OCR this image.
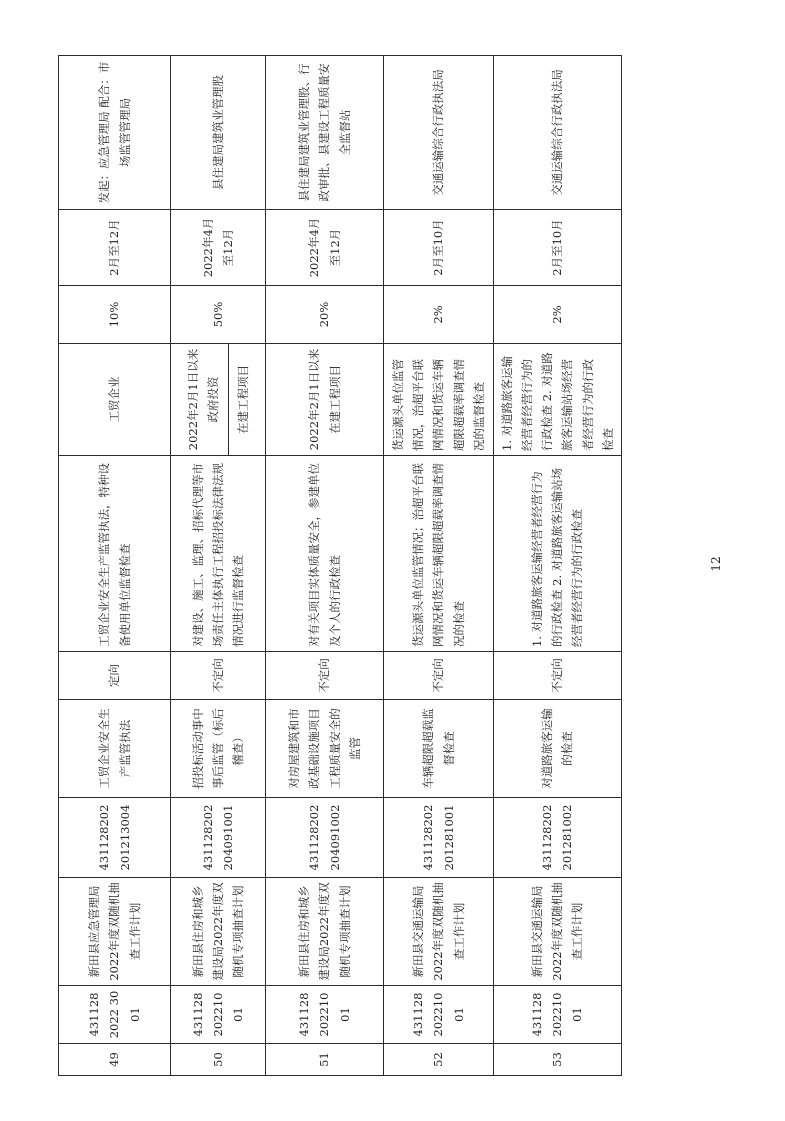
49	4311282022 3001	新田县应急管理局2022年度双随机抽查工作计划	431128202201213004	工贸企业安全生产监管执法	定向	工贸企业安全生产监管执法，特种设备使用单位监督检查	工贸企业	10%	2月至12月	发起：应急管理局 配合：市场监管管理局
50	43112820221001	新田县住房和城乡建设局2022年度双随机专项抽查计划	431128202204091001	招投标活动事中事后监管（标后稽查）	不定向	对建设、施工、监理、招标代理等市场责任主体执行工程招投标法律法规情况进行监督检查	2022年2月1日以来政府投资 在建工程项目	50%	2022年4月至12月	县住建局建筑业管理股
51	43112820221001	新田县住房和城乡建设局2022年度双随机专项抽查计划	431128202204091002	对房屋建筑和市政基础设施项目工程质量安全的监管	不定向	对有关项目实体质量安全，参建单位及个人的行政检查	2022年2月1日以来在建工程项目	20%	2022年4月至12月	县住建局建筑业管理股、行政审批、县建设工程质量安全监督站
52	43112820221001	新田县交通运输局2022年度双随机抽查工作计划	431128202201281001	车辆超限超载监督检查	不定向	货运源头单位监管情况；治超平台联网情况和货运车辆超限超载率调查情况的检查	货运源头单位监管情况，治超平台联网情况和货运车辆超限超载率调查情况的监督检查	2%	2月至10月	交通运输综合行政执法局
53	43112820221001	新田县交通运输局2022年度双随机抽查工作计划	431128202201281002	对道路旅客运输的检查	不定向	1. 对道路旅客运输经营者经营行为的行政检查 2. 对道路旅客运输站场经营者经营行为的行政检查	1. 对道路旅客运输经营者经营行为的行政检查 2. 对道路旅客运输站场经营者经营行为的行政检查	2%	2月至10月	交通运输综合行政执法局
12
